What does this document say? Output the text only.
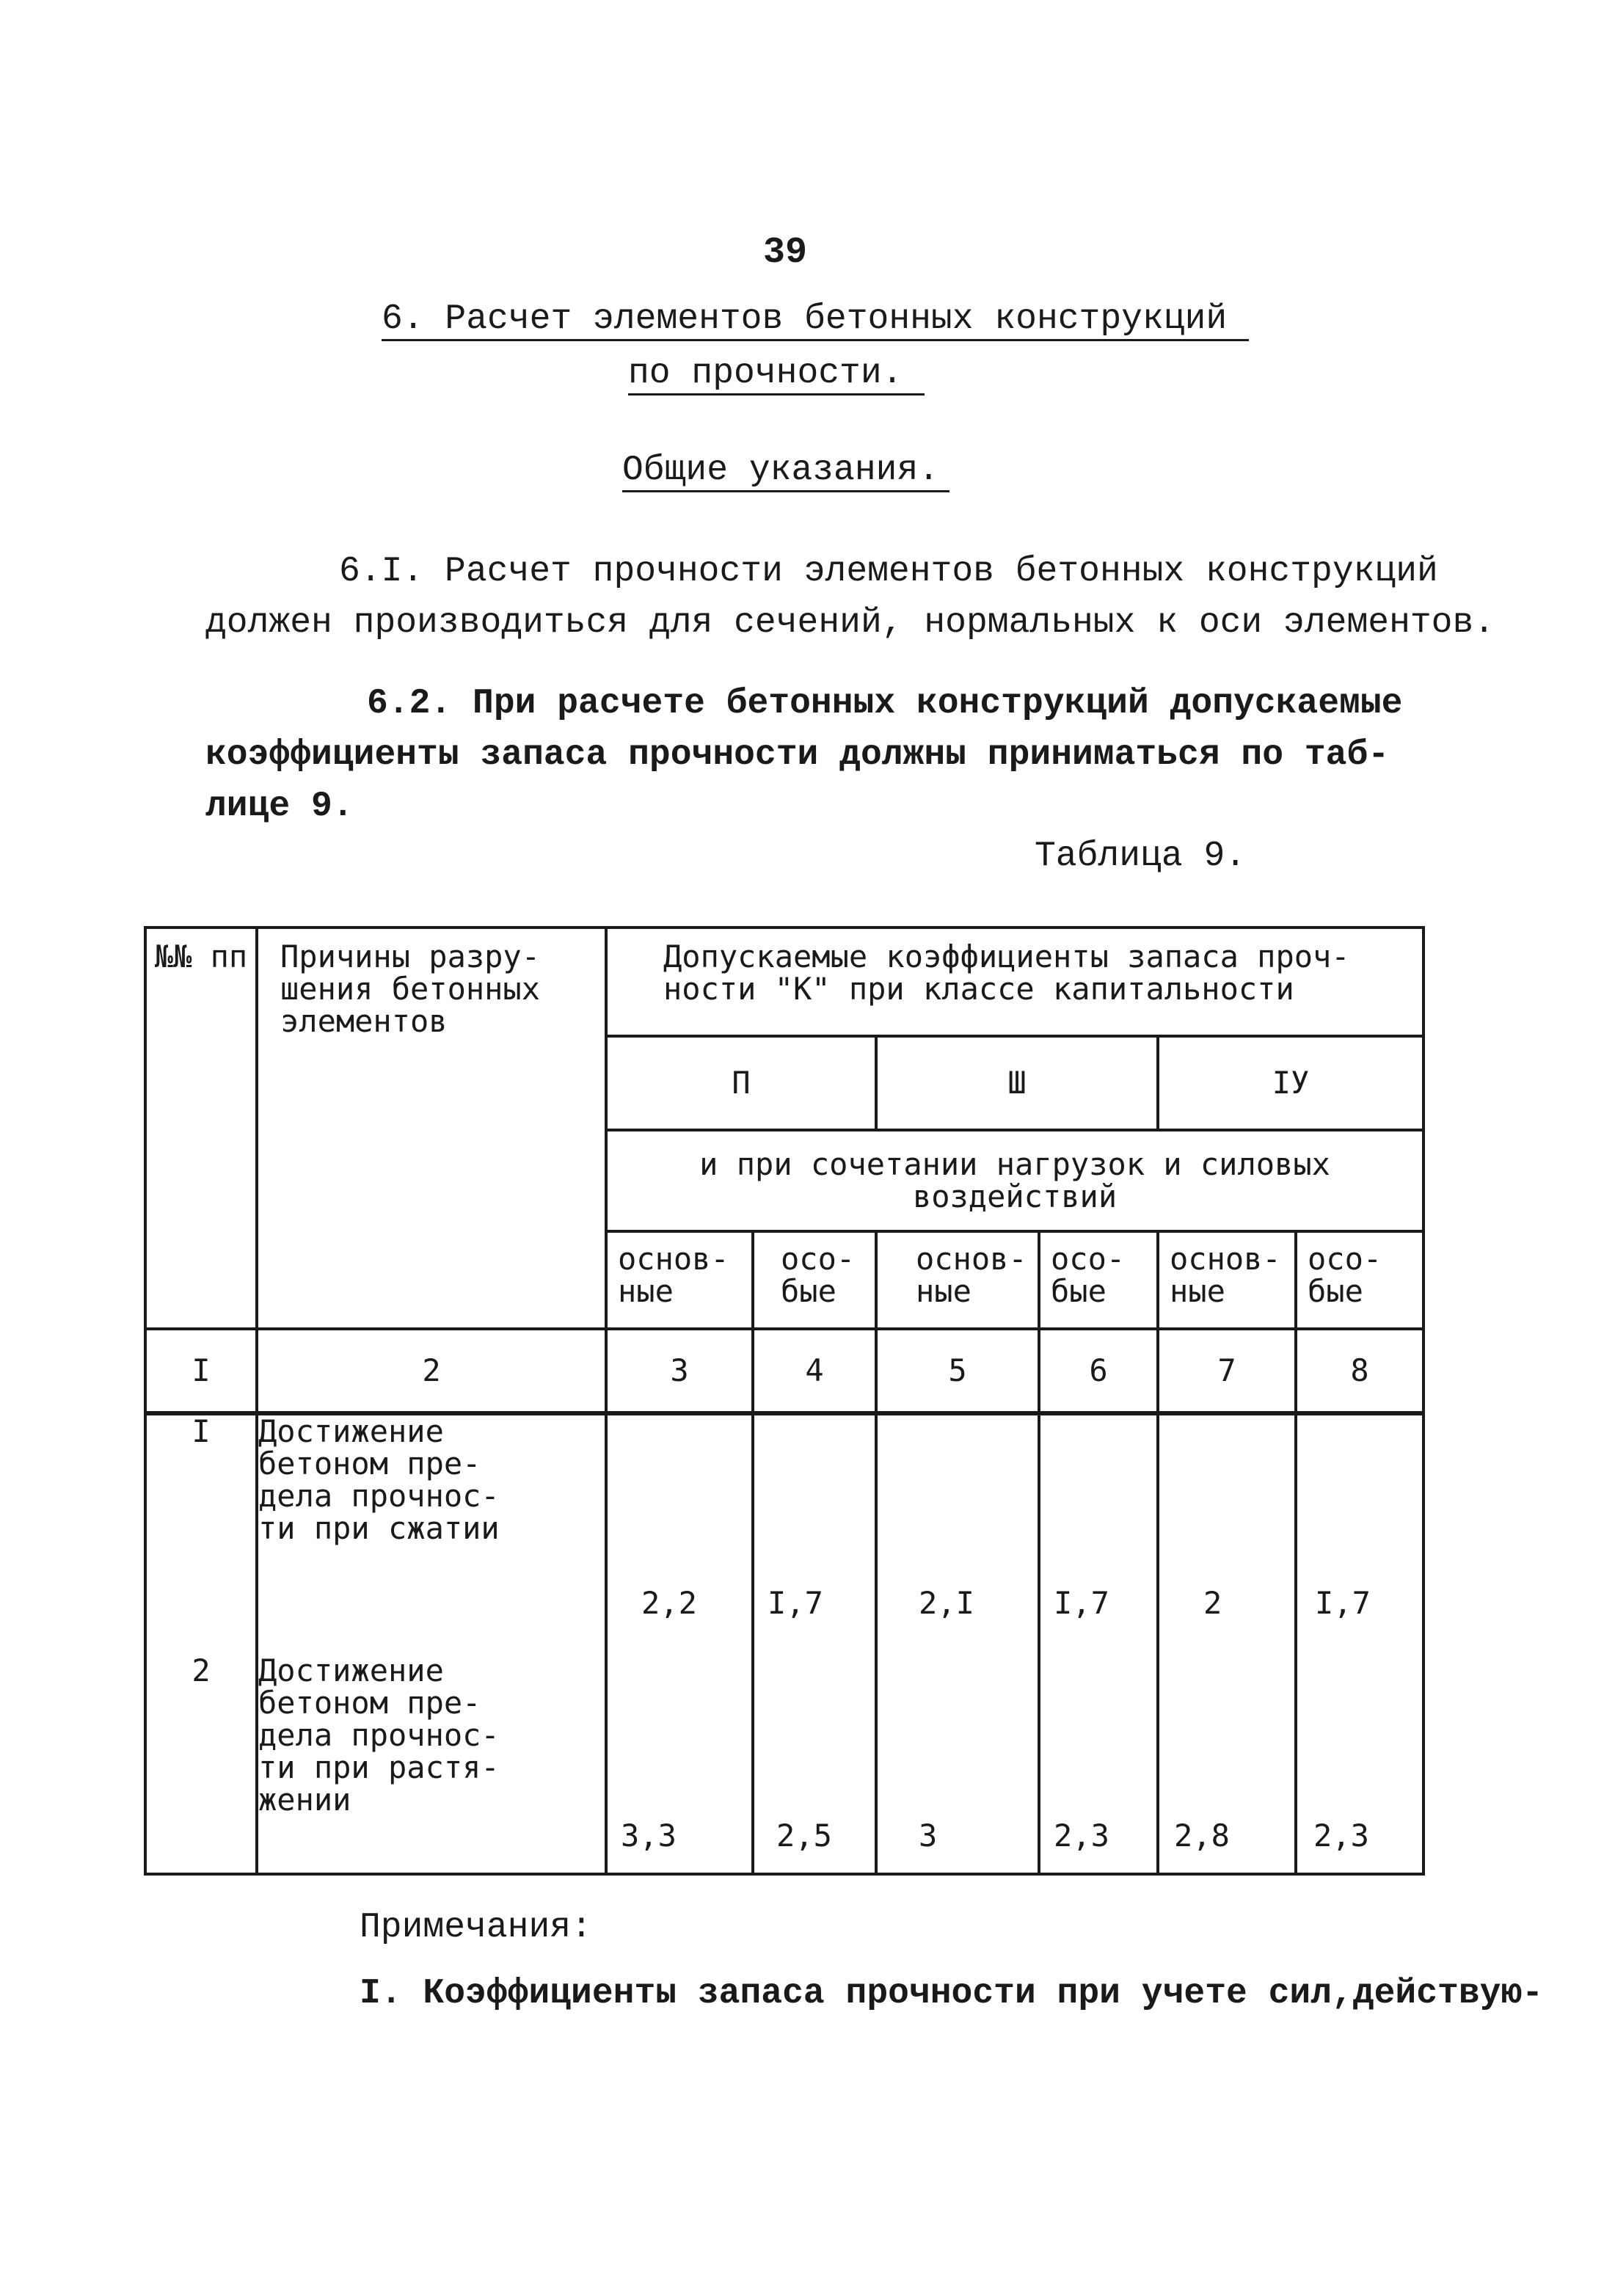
39
6. Расчет элементов бетонных конструкций
по прочности.
Общие указания.
6.I. Расчет прочности элементов бетонных конструкций
должен производиться для сечений, нормальных к оси элементов.
6.2. При расчете бетонных конструкций допускаемые
коэффициенты запаса прочности должны приниматься по таб-
лице 9.
Таблица 9.
№№ пп	Причины разру- шения бетонных элементов	Допускаемые коэффициенты запаса проч- ности "К" при классе капитальности					
		П		Ш		IУ	
		и при сочетании нагрузок и силовых воздействий					
		основ- ные	осо- бые	основ- ные	осо- бые	основ- ные	осо- бые
I	2	3	4	5	6	7	8
I	Достижение
бетоном пре-
дела прочнос-
ти при сжатии	2,2	I,7	2,I	I,7	2	I,7
2	Достижение
бетоном пре-
дела прочнос-
ти при растя-
жении	3,3	2,5	3	2,3	2,8	2,3
Примечания:
I. Коэффициенты запаса прочности при учете сил,действую-
